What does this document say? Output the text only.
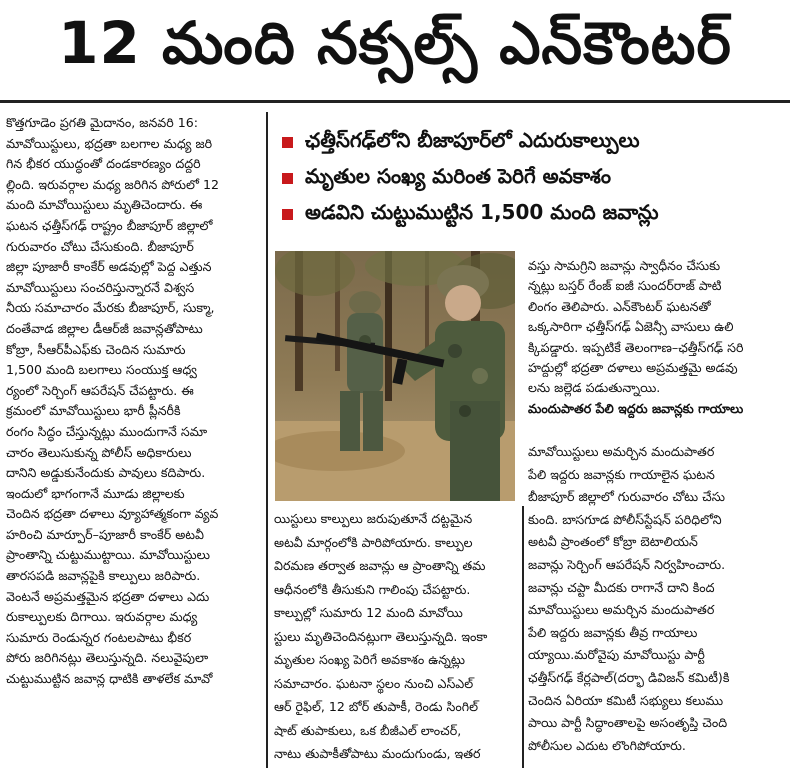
12 మంది నక్సల్స్ ఎన్‌కౌంటర్
కొత్తగూడెం ప్రగతి మైదానం, జనవరి 16:
మావోయిస్టులు, భద్రతా బలగాల మధ్య జరి
గిన భీకర యుద్ధంతో దండకారణ్యం దద్దరి
ల్లింది. ఇరువర్గాల మధ్య జరిగిన పోరులో 12
మంది మావోయిస్టులు మృతిచెందారు. ఈ
ఘటన ఛత్తీస్‌గఢ్ రాష్ట్రం బీజాపూర్ జిల్లాలో
గురువారం చోటు చేసుకుంది. బీజాపూర్
జిల్లా పూజారీ కాంకేర్ అడవుల్లో పెద్ద ఎత్తున
మావోయిస్టులు సంచరిస్తున్నారనే విశ్వస
నీయ సమాచారం మేరకు బీజాపూర్, సుక్మా,
దంతేవాడ జిల్లాల డీఆర్‌జీ జవాన్లతోపాటు
కోబ్రా, సీఆర్‌పీఎఫ్‌కు చెందిన సుమారు
1,500 మంది బలగాలు సంయుక్త ఆధ్వ
ర్యంలో సెర్చింగ్ ఆపరేషన్ చేపట్టారు. ఈ
క్రమంలో మావోయిస్టులు భారీ ప్లీనరీకి
రంగం సిద్ధం చేస్తున్నట్లు ముందుగానే సమా
చారం తెలుసుకున్న పోలీస్ అధికారులు
దానిని అడ్డుకునేందుకు పావులు కదిపారు.
ఇందులో భాగంగానే మూడు జిల్లాలకు
చెందిన భద్రతా దళాలు వ్యూహాత్మకంగా వ్యవ
హరించి మార్పూర్–పూజారీ కాంకేర్ అటవీ
ప్రాంతాన్ని చుట్టుముట్టాయి. మావోయిస్టులు
తారసపడి జవాన్లపైకి కాల్పులు జరిపారు.
వెంటనే అప్రమత్తమైన భద్రతా దళాలు ఎదు
రుకాల్పులకు దిగాయి. ఇరువర్గాల మధ్య
సుమారు రెండున్నర గంటలపాటు భీకర
పోరు జరిగినట్లు తెలుస్తున్నది. నలువైపులా
చుట్టుముట్టిన జవాన్ల ధాటికి తాళలేక మావో
ఛత్తీస్‌గఢ్‌లోని బీజాపూర్‌లో ఎదురుకాల్పులు
మృతుల సంఖ్య మరింత పెరిగే అవకాశం
అడవిని చుట్టుముట్టిన 1,500 మంది జవాన్లు
యిస్టులు కాల్పులు జరుపుతూనే దట్టమైన
అటవీ మార్గంలోకి పారిపోయారు. కాల్పుల
విరమణ తర్వాత జవాన్లు ఆ ప్రాంతాన్ని తమ
ఆధీనంలోకి తీసుకుని గాలింపు చేపట్టారు.
కాల్పుల్లో సుమారు 12 మంది మావోయి
స్టులు మృతిచెందినట్లుగా తెలుస్తున్నది. ఇంకా
మృతుల సంఖ్య పెరిగే అవకాశం ఉన్నట్లు
సమాచారం. ఘటనా స్థలం నుంచి ఎస్ఎల్
ఆర్ రైఫిల్, 12 బోర్ తుపాకీ, రెండు సింగిల్
షాట్ తుపాకులు, ఒక బీజీఎల్ లాంచర్,
నాటు తుపాకీతోపాటు మందుగుండు, ఇతర
వస్తు సామగ్రిని జవాన్లు స్వాధీనం చేసుకు
న్నట్లు బస్తర్ రేంజ్ ఐజీ సుందర్‌రాజ్ పాటి
లింగం తెలిపారు. ఎన్‌కౌంటర్ ఘటనతో
ఒక్కసారిగా ఛత్తీస్‌గఢ్ ఏజెన్సీ వాసులు ఉలి
క్కిపడ్డారు. ఇప్పటికే తెలంగాణ–ఛత్తీస్‌గఢ్ సరి
హద్దుల్లో భద్రతా దళాలు అప్రమత్తమై అడవు
లను జల్లెడ పడుతున్నాయి.
మందుపాతర పేలి ఇద్దరు జవాన్లకు గాయాలు
మావోయిస్టులు అమర్చిన మందుపాతర
పేలి ఇద్దరు జవాన్లకు గాయాలైన ఘటన
బీజాపూర్ జిల్లాలో గురువారం చోటు చేసు
కుంది. బాసగూడ పోలీస్‌స్టేషన్ పరిధిలోని
అటవీ ప్రాంతంలో కోబ్రా బెటాలియన్
జవాన్లు సెర్చింగ్ ఆపరేషన్ నిర్వహించారు.
జవాన్లు చప్టా మీదకు రాగానే దాని కింద
మావోయిస్టులు అమర్చిన మందుపాతర
పేలి ఇద్దరు జవాన్లకు తీవ్ర గాయాలు
య్యాయి.మరోవైపు మావోయిస్టు పార్టీ
ఛత్తీస్‌గఢ్ కేర్లపాల్(దర్భా డివిజన్ కమిటీ)కి
చెందిన ఏరియా కమిటీ సభ్యులు కలుము
పాయి పార్టీ సిద్ధాంతాలపై అసంతృప్తి చెంది
పోలీసుల ఎదుట లొంగిపోయారు.
